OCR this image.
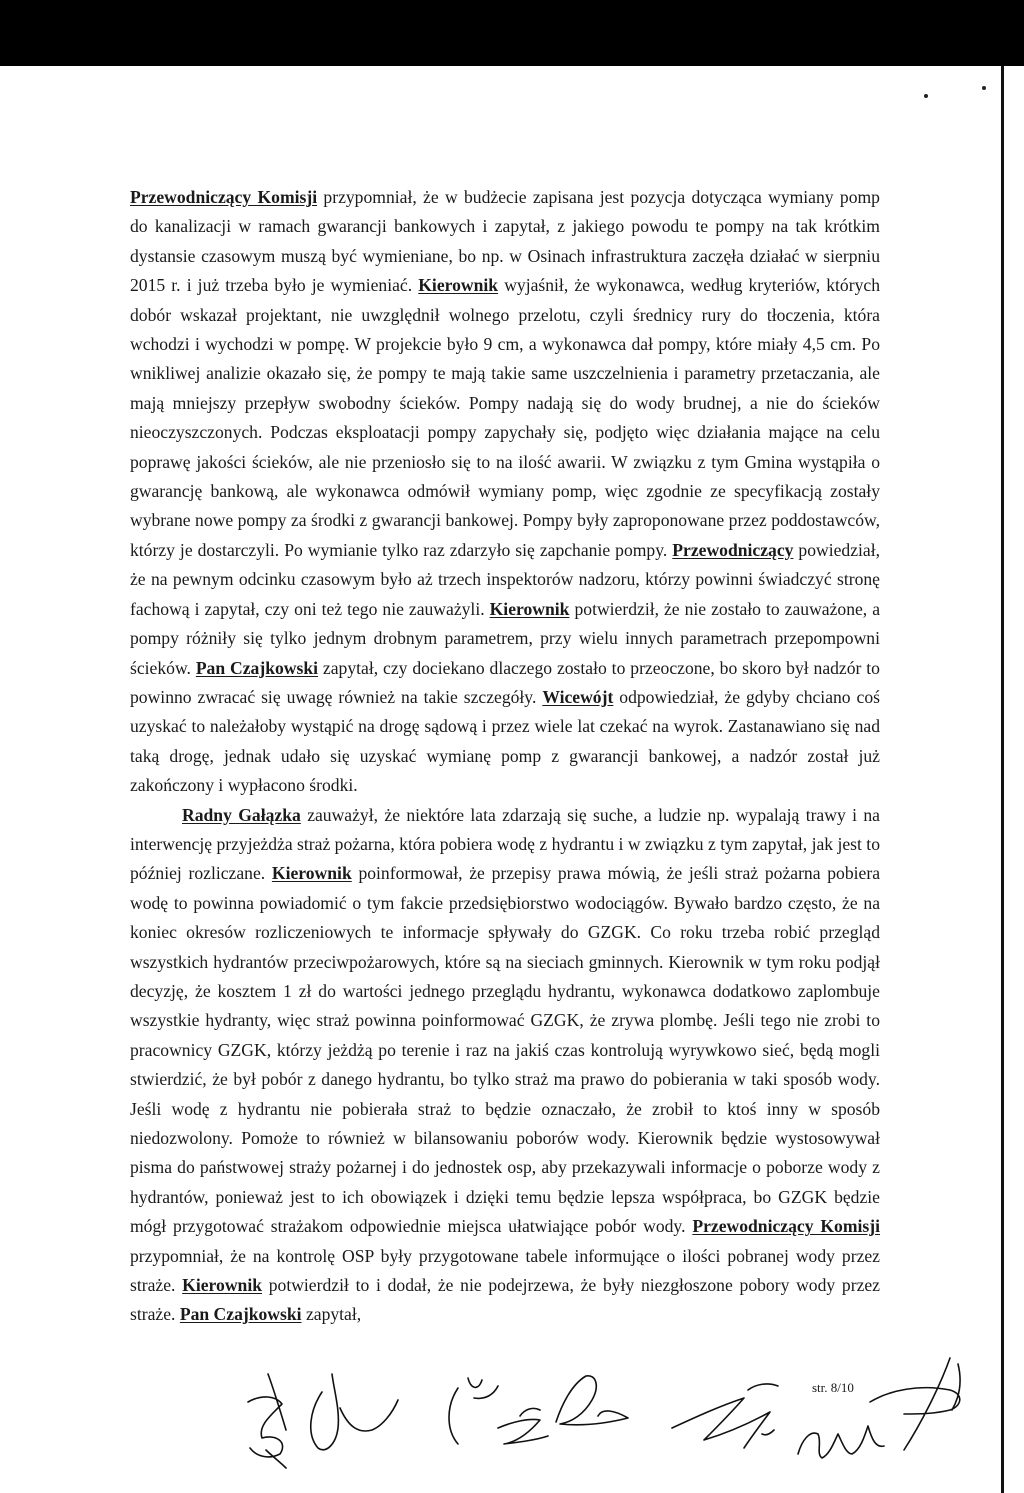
Przewodniczący Komisji przypomniał, że w budżecie zapisana jest pozycja dotycząca wymiany pomp do kanalizacji w ramach gwarancji bankowych i zapytał, z jakiego powodu te pompy na tak krótkim dystansie czasowym muszą być wymieniane, bo np. w Osinach infrastruktura zaczęła działać w sierpniu 2015 r. i już trzeba było je wymieniać. Kierownik wyjaśnił, że wykonawca, według kryteriów, których dobór wskazał projektant, nie uwzględnił wolnego przelotu, czyli średnicy rury do tłoczenia, która wchodzi i wychodzi w pompę. W projekcie było 9 cm, a wykonawca dał pompy, które miały 4,5 cm. Po wnikliwej analizie okazało się, że pompy te mają takie same uszczelnienia i parametry przetaczania, ale mają mniejszy przepływ swobodny ścieków. Pompy nadają się do wody brudnej, a nie do ścieków nieoczyszczonych. Podczas eksploatacji pompy zapychały się, podjęto więc działania mające na celu poprawę jakości ścieków, ale nie przeniosło się to na ilość awarii. W związku z tym Gmina wystąpiła o gwarancję bankową, ale wykonawca odmówił wymiany pomp, więc zgodnie ze specyfikacją zostały wybrane nowe pompy za środki z gwarancji bankowej. Pompy były zaproponowane przez poddostawców, którzy je dostarczyli. Po wymianie tylko raz zdarzyło się zapchanie pompy. Przewodniczący powiedział, że na pewnym odcinku czasowym było aż trzech inspektorów nadzoru, którzy powinni świadczyć stronę fachową i zapytał, czy oni też tego nie zauważyli. Kierownik potwierdził, że nie zostało to zauważone, a pompy różniły się tylko jednym drobnym parametrem, przy wielu innych parametrach przepompowni ścieków. Pan Czajkowski zapytał, czy dociekano dlaczego zostało to przeoczone, bo skoro był nadzór to powinno zwracać się uwagę również na takie szczegóły. Wicewójt odpowiedział, że gdyby chciano coś uzyskać to należałoby wystąpić na drogę sądową i przez wiele lat czekać na wyrok. Zastanawiano się nad taką drogę, jednak udało się uzyskać wymianę pomp z gwarancji bankowej, a nadzór został już zakończony i wypłacono środki.

Radny Gałązka zauważył, że niektóre lata zdarzają się suche, a ludzie np. wypalają trawy i na interwencję przyjeżdża straż pożarna, która pobiera wodę z hydrantu i w związku z tym zapytał, jak jest to później rozliczane. Kierownik poinformował, że przepisy prawa mówią, że jeśli straż pożarna pobiera wodę to powinna powiadomić o tym fakcie przedsiębiorstwo wodociągów. Bywało bardzo często, że na koniec okresów rozliczeniowych te informacje spływały do GZGK. Co roku trzeba robić przegląd wszystkich hydrantów przeciwpożarowych, które są na sieciach gminnych. Kierownik w tym roku podjął decyzję, że kosztem 1 zł do wartości jednego przeglądu hydrantu, wykonawca dodatkowo zaplombuje wszystkie hydranty, więc straż powinna poinformować GZGK, że zrywa plombę. Jeśli tego nie zrobi to pracownicy GZGK, którzy jeżdżą po terenie i raz na jakiś czas kontrolują wyrywkowo sieć, będą mogli stwierdzić, że był pobór z danego hydrantu, bo tylko straż ma prawo do pobierania w taki sposób wody. Jeśli wodę z hydrantu nie pobierała straż to będzie oznaczało, że zrobił to ktoś inny w sposób niedozwolony. Pomoże to również w bilansowaniu poborów wody. Kierownik będzie wystosowywał pisma do państwowej straży pożarnej i do jednostek osp, aby przekazywali informacje o poborze wody z hydrantów, ponieważ jest to ich obowiązek i dzięki temu będzie lepsza współpraca, bo GZGK będzie mógł przygotować strażakom odpowiednie miejsca ułatwiające pobór wody. Przewodniczący Komisji przypomniał, że na kontrolę OSP były przygotowane tabele informujące o ilości pobranej wody przez straże. Kierownik potwierdził to i dodał, że nie podejrzewa, że były niezgłoszone pobory wody przez straże. Pan Czajkowski zapytał,

str. 8/10
